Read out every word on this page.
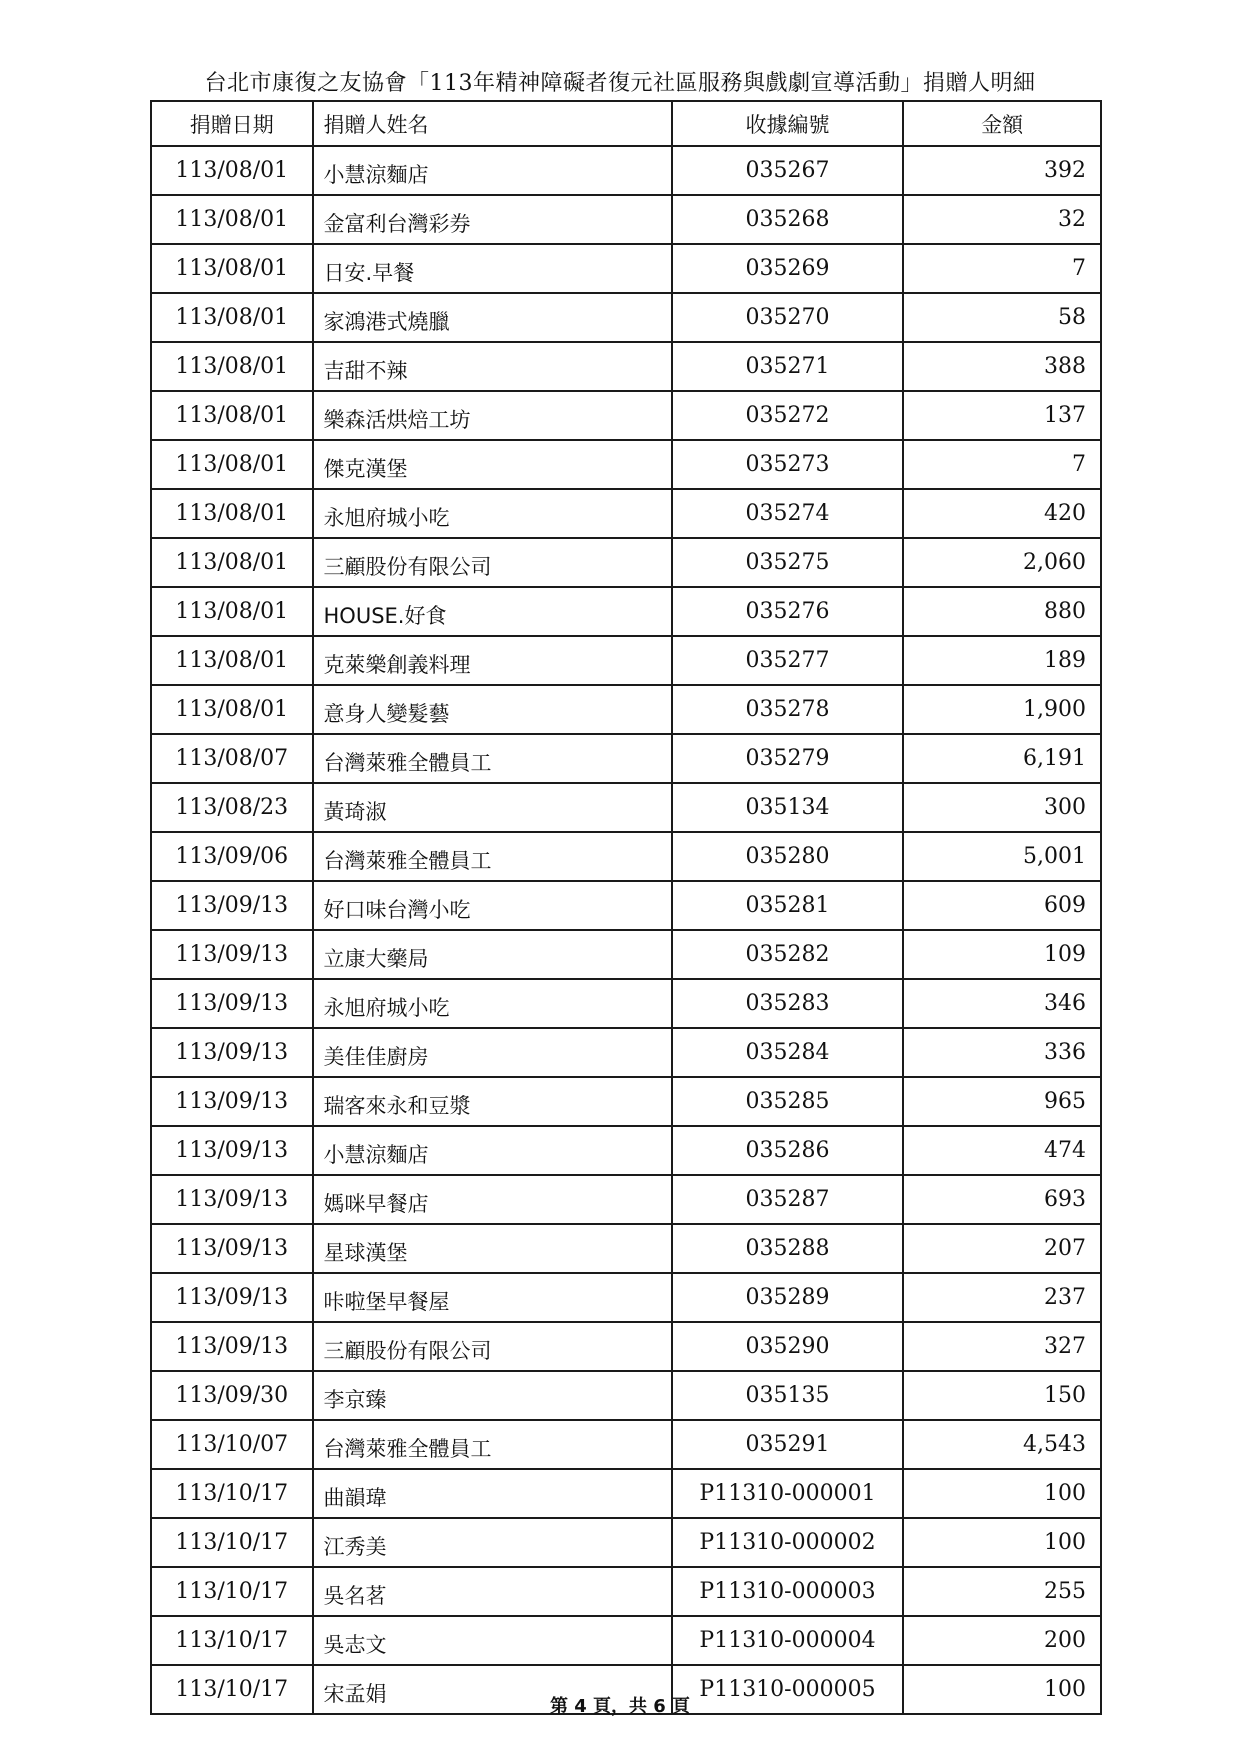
台北市康復之友協會「113年精神障礙者復元社區服務與戲劇宣導活動」捐贈人明細
捐贈日期	捐贈人姓名	收據編號	金額
113/08/01	小慧涼麵店	035267	392
113/08/01	金富利台灣彩券	035268	32
113/08/01	日安.早餐	035269	7
113/08/01	家鴻港式燒臘	035270	58
113/08/01	吉甜不辣	035271	388
113/08/01	樂森活烘焙工坊	035272	137
113/08/01	傑克漢堡	035273	7
113/08/01	永旭府城小吃	035274	420
113/08/01	三顧股份有限公司	035275	2,060
113/08/01	HOUSE.好食	035276	880
113/08/01	克萊樂創義料理	035277	189
113/08/01	意身人變髮藝	035278	1,900
113/08/07	台灣萊雅全體員工	035279	6,191
113/08/23	黃琦淑	035134	300
113/09/06	台灣萊雅全體員工	035280	5,001
113/09/13	好口味台灣小吃	035281	609
113/09/13	立康大藥局	035282	109
113/09/13	永旭府城小吃	035283	346
113/09/13	美佳佳廚房	035284	336
113/09/13	瑞客來永和豆漿	035285	965
113/09/13	小慧涼麵店	035286	474
113/09/13	媽咪早餐店	035287	693
113/09/13	星球漢堡	035288	207
113/09/13	咔啦堡早餐屋	035289	237
113/09/13	三顧股份有限公司	035290	327
113/09/30	李京臻	035135	150
113/10/07	台灣萊雅全體員工	035291	4,543
113/10/17	曲韻瑋	P11310-000001	100
113/10/17	江秀美	P11310-000002	100
113/10/17	吳名茗	P11310-000003	255
113/10/17	吳志文	P11310-000004	200
113/10/17	宋孟娟	P11310-000005	100
第 4 頁，共 6 頁
